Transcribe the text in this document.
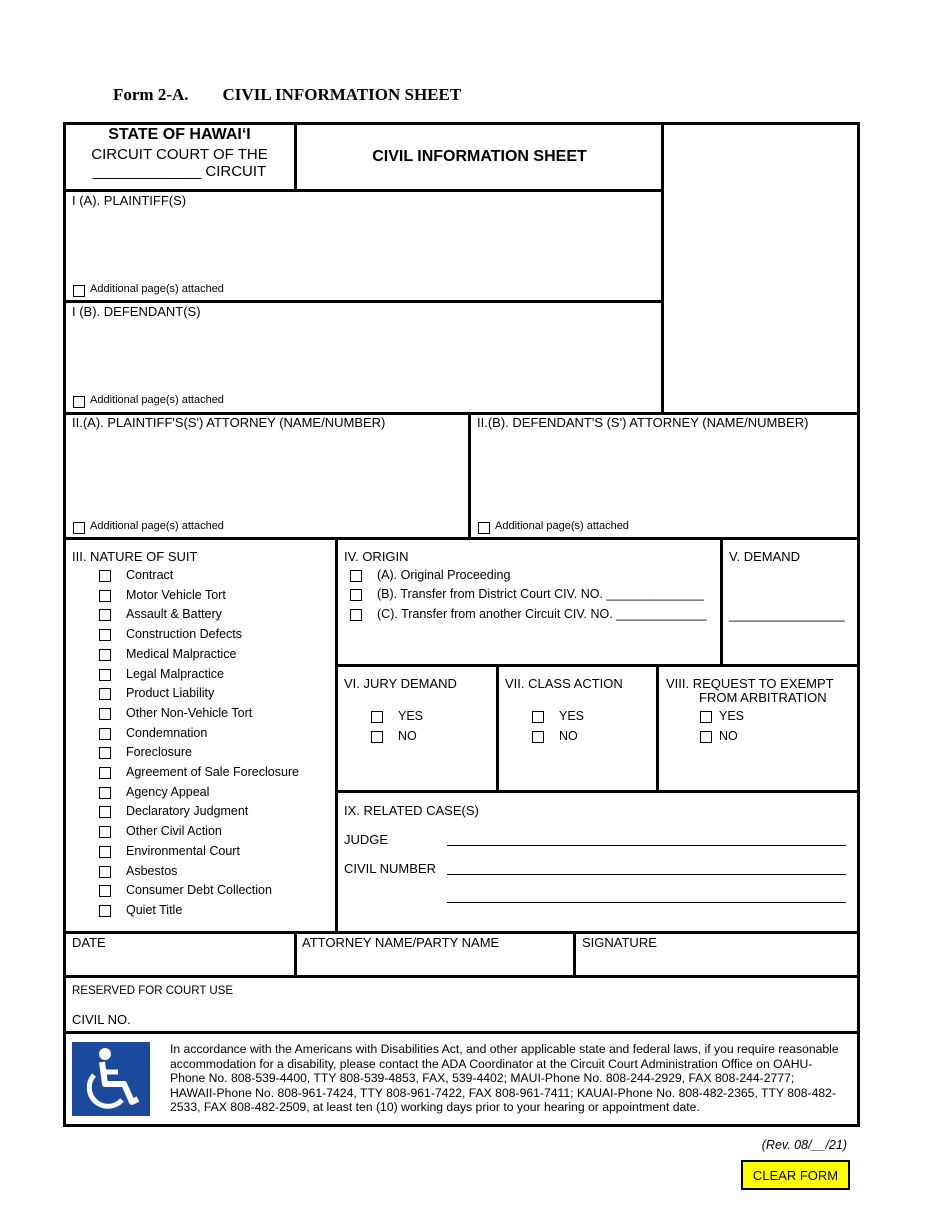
Form 2-A. CIVIL INFORMATION SHEET
STATE OF HAWAIʻI
CIRCUIT COURT OF THE
_____________ CIRCUIT
CIVIL INFORMATION SHEET
I (A). PLAINTIFF(S)
Additional page(s) attached
I (B). DEFENDANT(S)
Additional page(s) attached
II.(A). PLAINTIFF'S(S') ATTORNEY (NAME/NUMBER)	II.(B). DEFENDANT'S (S') ATTORNEY (NAME/NUMBER)
Additional page(s) attached	Additional page(s) attached
III. NATURE OF SUIT
Contract
Motor Vehicle Tort
Assault & Battery
Construction Defects
Medical Malpractice
Legal Malpractice
Product Liability
Other Non-Vehicle Tort
Condemnation
Foreclosure
Agreement of Sale Foreclosure
Agency Appeal
Declaratory Judgment
Other Civil Action
Environmental Court
Asbestos
Consumer Debt Collection
Quiet Title
IV. ORIGIN
(A). Original Proceeding
(B). Transfer from District Court CIV. NO. ______________
(C). Transfer from another Circuit CIV. NO. _____________
V. DEMAND
________________
VI. JURY DEMAND
YES
NO
VII. CLASS ACTION
YES
NO
VIII. REQUEST TO EXEMPT
FROM ARBITRATION
YES
NO
IX. RELATED CASE(S)
JUDGE
CIVIL NUMBER
DATE	ATTORNEY NAME/PARTY NAME	SIGNATURE
RESERVED FOR COURT USE
CIVIL NO.
In accordance with the Americans with Disabilities Act, and other applicable state and federal laws, if you require reasonable accommodation for a disability, please contact the ADA Coordinator at the Circuit Court Administration Office on OAHU-Phone No. 808-539-4400, TTY 808-539-4853, FAX, 539-4402; MAUI-Phone No. 808-244-2929, FAX 808-244-2777; HAWAII-Phone No. 808-961-7424, TTY 808-961-7422, FAX 808-961-7411; KAUAI-Phone No. 808-482-2365, TTY 808-482-2533, FAX 808-482-2509, at least ten (10) working days prior to your hearing or appointment date.
(Rev. 08/__/21)
CLEAR FORM
